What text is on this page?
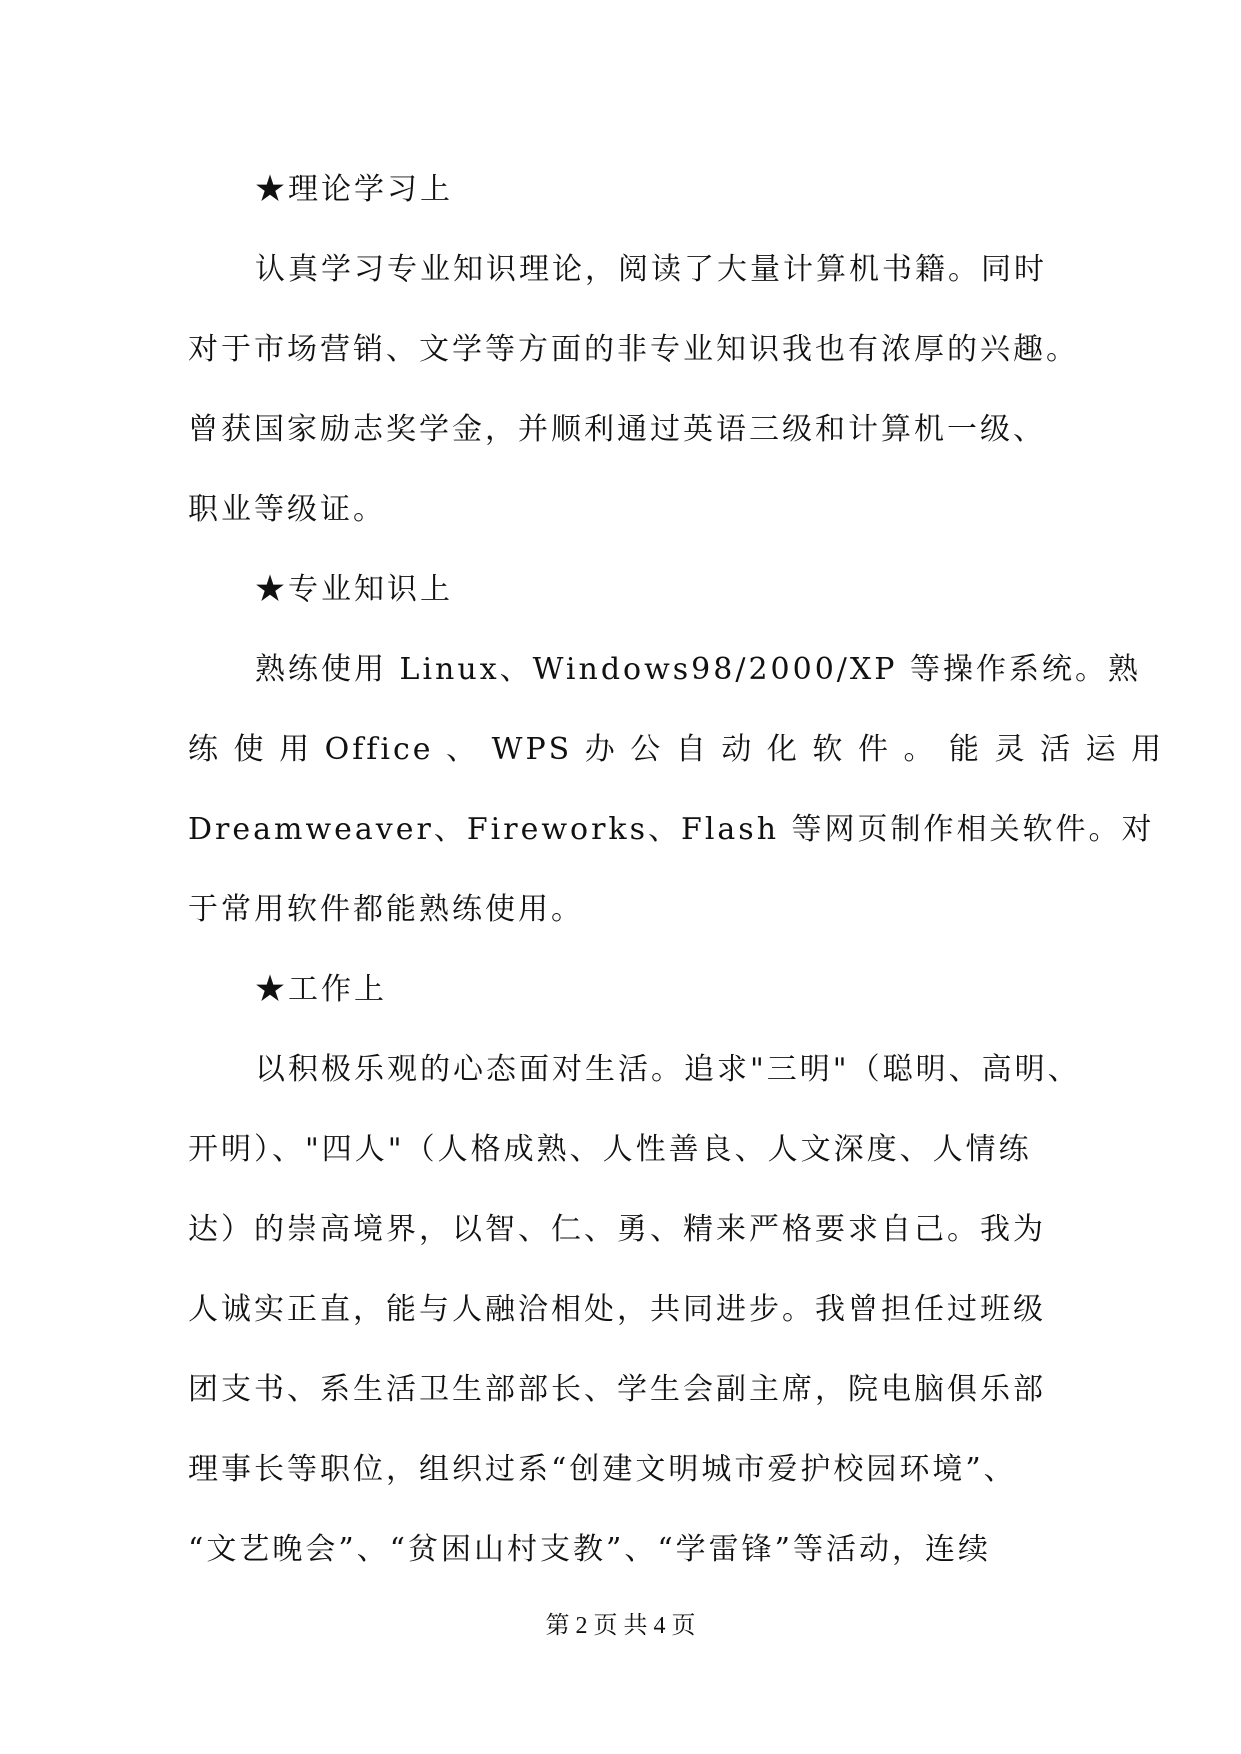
★理论学习上
认真学习专业知识理论，阅读了大量计算机书籍。同时
对于市场营销、文学等方面的非专业知识我也有浓厚的兴趣。
曾获国家励志奖学金，并顺利通过英语三级和计算机一级、
职业等级证。
★专业知识上
熟练使用 Linux、Windows98/2000/XP 等操作系统。熟
练 使 用 Office 、 WPS 办 公 自 动 化 软 件 。 能 灵 活 运 用
Dreamweaver、Fireworks、Flash 等网页制作相关软件。对
于常用软件都能熟练使用。
★工作上
以积极乐观的心态面对生活。追求"三明"（聪明、高明、
开明）、"四人"（人格成熟、人性善良、人文深度、人情练
达）的崇高境界，以智、仁、勇、精来严格要求自己。我为
人诚实正直，能与人融洽相处，共同进步。我曾担任过班级
团支书、系生活卫生部部长、学生会副主席，院电脑俱乐部
理事长等职位，组织过系“创建文明城市爱护校园环境”、
“文艺晚会”、“贫困山村支教”、“学雷锋”等活动，连续
第 2 页 共 4 页
